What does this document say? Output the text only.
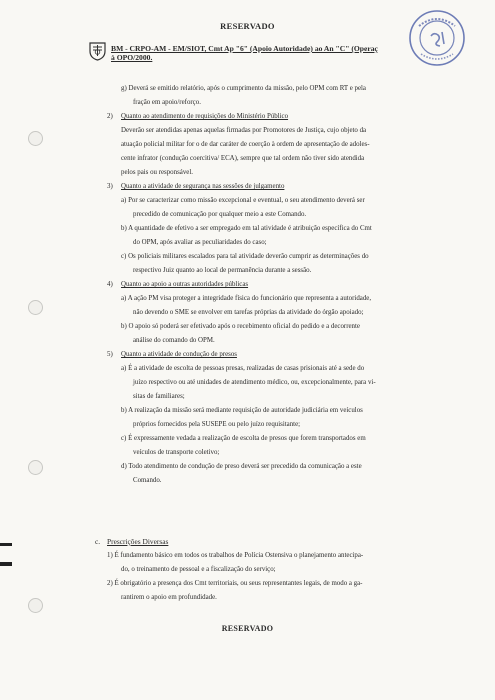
RESERVADO
BM - CRPO-AM - EM/SIOT, Cmt Ap "6" (Apoio Autoridade) ao An "C" (Operaç
à OPO/2000.
g) Deverá se emitido relatório, após o cumprimento da missão, pelo OPM com RT e pela
fração em apoio/reforço.
2) Quanto ao atendimento de requisições do Ministério Público
Deverão ser atendidas apenas aquelas firmadas por Promotores de Justiça, cujo objeto da
atuação policial militar for o de dar caráter de coerção à ordem de apresentação de adoles-
cente infrator (condução coercitiva/ ECA), sempre que tal ordem não tiver sido atendida
pelos pais ou responsável.
3) Quanto a atividade de segurança nas sessões de julgamento
a) Por se caracterizar como missão excepcional e eventual, o seu atendimento deverá ser
precedido de comunicação por qualquer meio a este Comando.
b) A quantidade de efetivo a ser empregado em tal atividade é atribuição específica do Cmt
do OPM, após avaliar as peculiaridades do caso;
c) Os policiais militares escalados para tal atividade deverão cumprir as determinações do
respectivo Juiz quanto ao local de permanência durante a sessão.
4) Quanto ao apoio a outras autoridades públicas
a) A ação PM visa proteger a integridade física do funcionário que representa a autoridade,
não devendo o SME se envolver em tarefas próprias da atividade do órgão apoiado;
b) O apoio só poderá ser efetivado após o recebimento oficial do pedido e a decorrente
análise do comando do OPM.
5) Quanto a atividade de condução de presos
a) É a atividade de escolta de pessoas presas, realizadas de casas prisionais até a sede do
juízo respectivo ou até unidades de atendimento médico, ou, excepcionalmente, para vi-
sitas de familiares;
b) A realização da missão será mediante requisição de autoridade judiciária em veículos
próprios fornecidos pela SUSEPE ou pelo juízo requisitante;
c) É expressamente vedada a realização de escolta de presos que forem transportados em
veículos de transporte coletivo;
d) Todo atendimento de condução de preso deverá ser precedido da comunicação a este
Comando.
c. Prescrições Diversas
1) É fundamento básico em todos os trabalhos de Polícia Ostensiva o planejamento antecipa-
do, o treinamento de pessoal e a fiscalização do serviço;
2) É obrigatório a presença dos Cmt territoriais, ou seus representantes legais, de modo a ga-
rantirem o apoio em profundidade.
RESERVADO
